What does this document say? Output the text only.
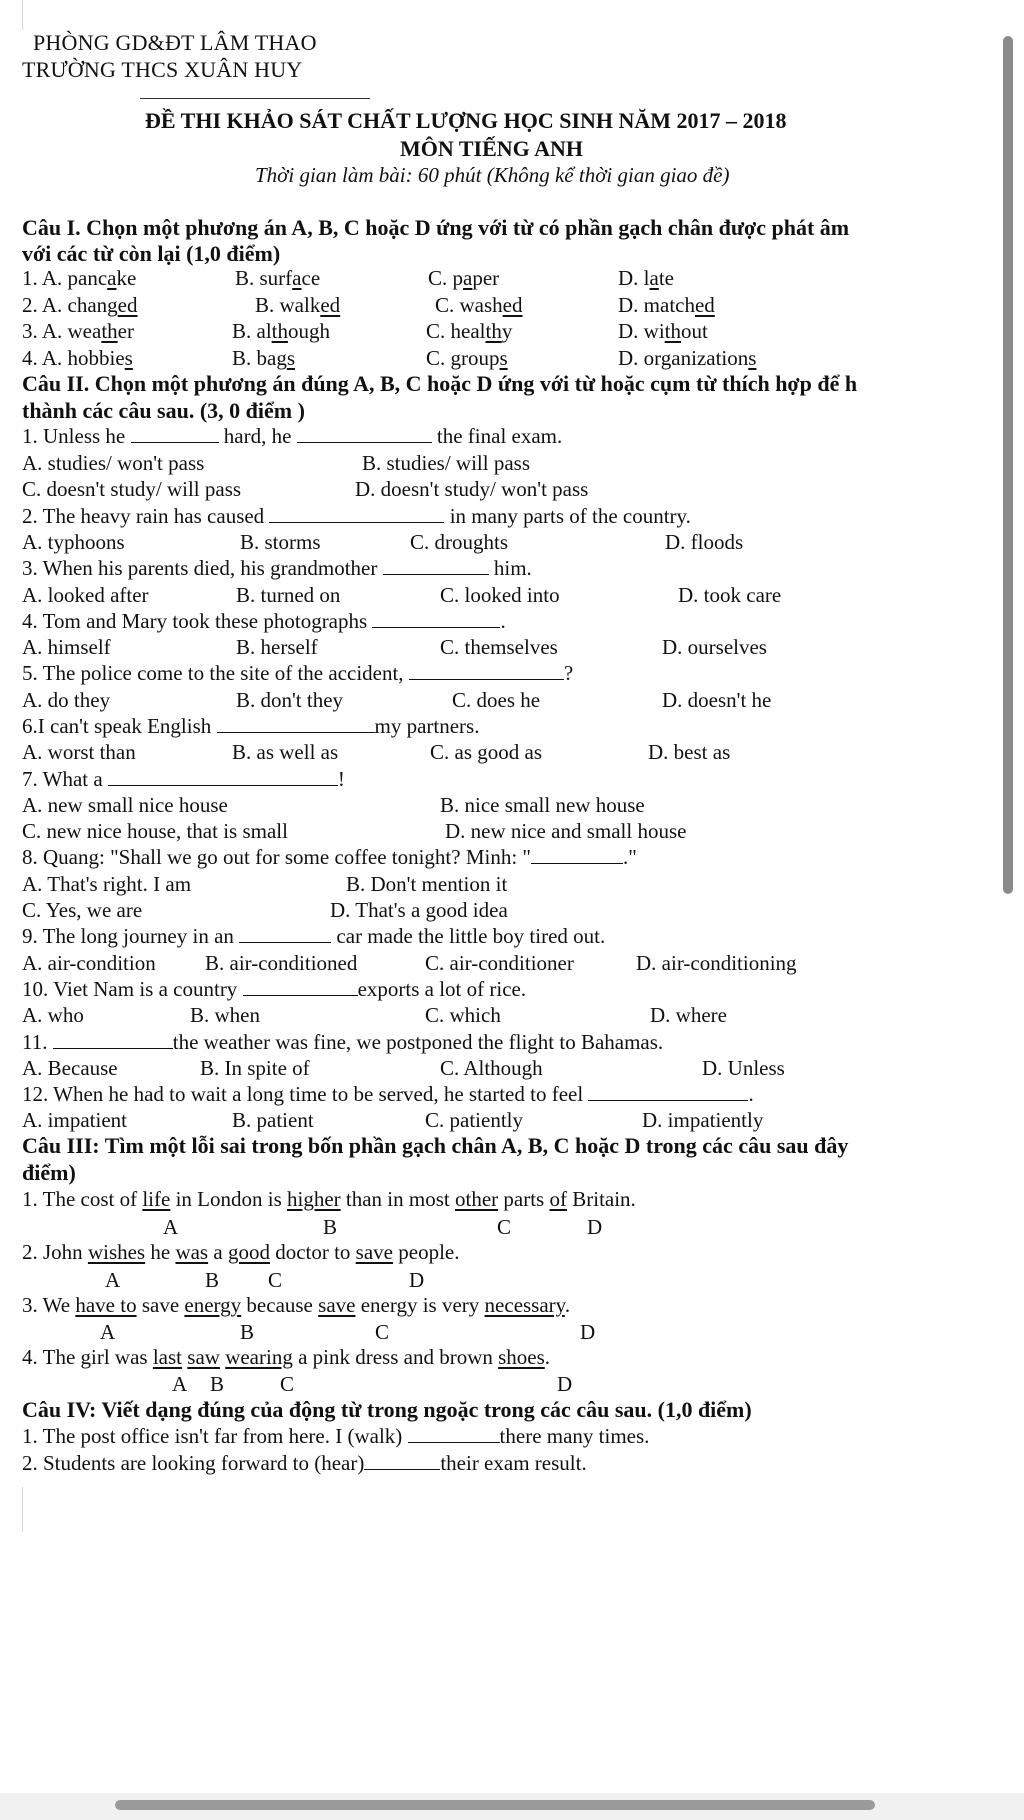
PHÒNG GD&ĐT LÂM THAO
TRƯỜNG THCS XUÂN HUY
ĐỀ THI KHẢO SÁT CHẤT LƯỢNG HỌC SINH NĂM 2017 – 2018
MÔN TIẾNG ANH
Thời gian làm bài: 60 phút (Không kể thời gian giao đề)
Câu I. Chọn một phương án A, B, C hoặc D ứng với từ có phần gạch chân được phát âm
với các từ còn lại (1,0 điểm)
1. A. pancake	B. surface	C. paper	D. late
2. A. changed	B. walked	C. washed	D. matched
3. A. weather	B. although	C. healthy	D. without
4. A. hobbies	B. bags	C. groups	D. organizations
Câu II. Chọn một phương án đúng A, B, C hoặc D ứng với từ hoặc cụm từ thích hợp để h
thành các câu sau. (3, 0 điểm )
1. Unless he	hard, he	the final exam.
A. studies/ won't pass	B. studies/ will pass
C. doesn't study/ will pass	D. doesn't study/ won't pass
2. The heavy rain has caused	in many parts of the country.
A. typhoons	B. storms	C. droughts	D. floods
3. When his parents died, his grandmother	him.
A. looked after	B. turned on	C. looked into	D. took care
4. Tom and Mary took these photographs	.
A. himself	B. herself	C. themselves	D. ourselves
5. The police come to the site of the accident,	?
A. do they	B. don't they	C. does he	D. doesn't he
6.I can't speak English	my partners.
A. worst than	B. as well as	C. as good as	D. best as
7. What a	!
A. new small nice house	B. nice small new house
C. new nice house, that is small	D. new nice and small house
8. Quang: "Shall we go out for some coffee tonight? Minh: "	."
A. That's right. I am	B. Don't mention it
C. Yes, we are	D. That's a good idea
9. The long journey in an	car made the little boy tired out.
A. air-condition B. air-conditioned	C. air-conditioner	D. air-conditioning
10. Viet Nam is a country	exports a lot of rice.
A. who	B. when	C. which	D. where
11.	the weather was fine, we postponed the flight to Bahamas.
A. Because	B. In spite of	C. Although	D. Unless
12. When he had to wait a long time to be served, he started to feel	.
A. impatient	B. patient	C. patiently	D. impatiently
Câu III: Tìm một lỗi sai trong bốn phần gạch chân A, B, C hoặc D trong các câu sau đây
điểm)
1. The cost of life in London is higher than in most other parts of Britain.
A	B	C	D
2. John wishes he was a good doctor to save people.
A	B C	D
3. We have to save energy because save energy is very necessary.
A	B	C	D
4. The girl was last saw wearing a pink dress and brown shoes.
A B	C	D
Câu IV: Viết dạng đúng của động từ trong ngoặc trong các câu sau. (1,0 điểm)
1. The post office isn't far from here. I (walk)	there many times.
2. Students are looking forward to (hear)	their exam result.
